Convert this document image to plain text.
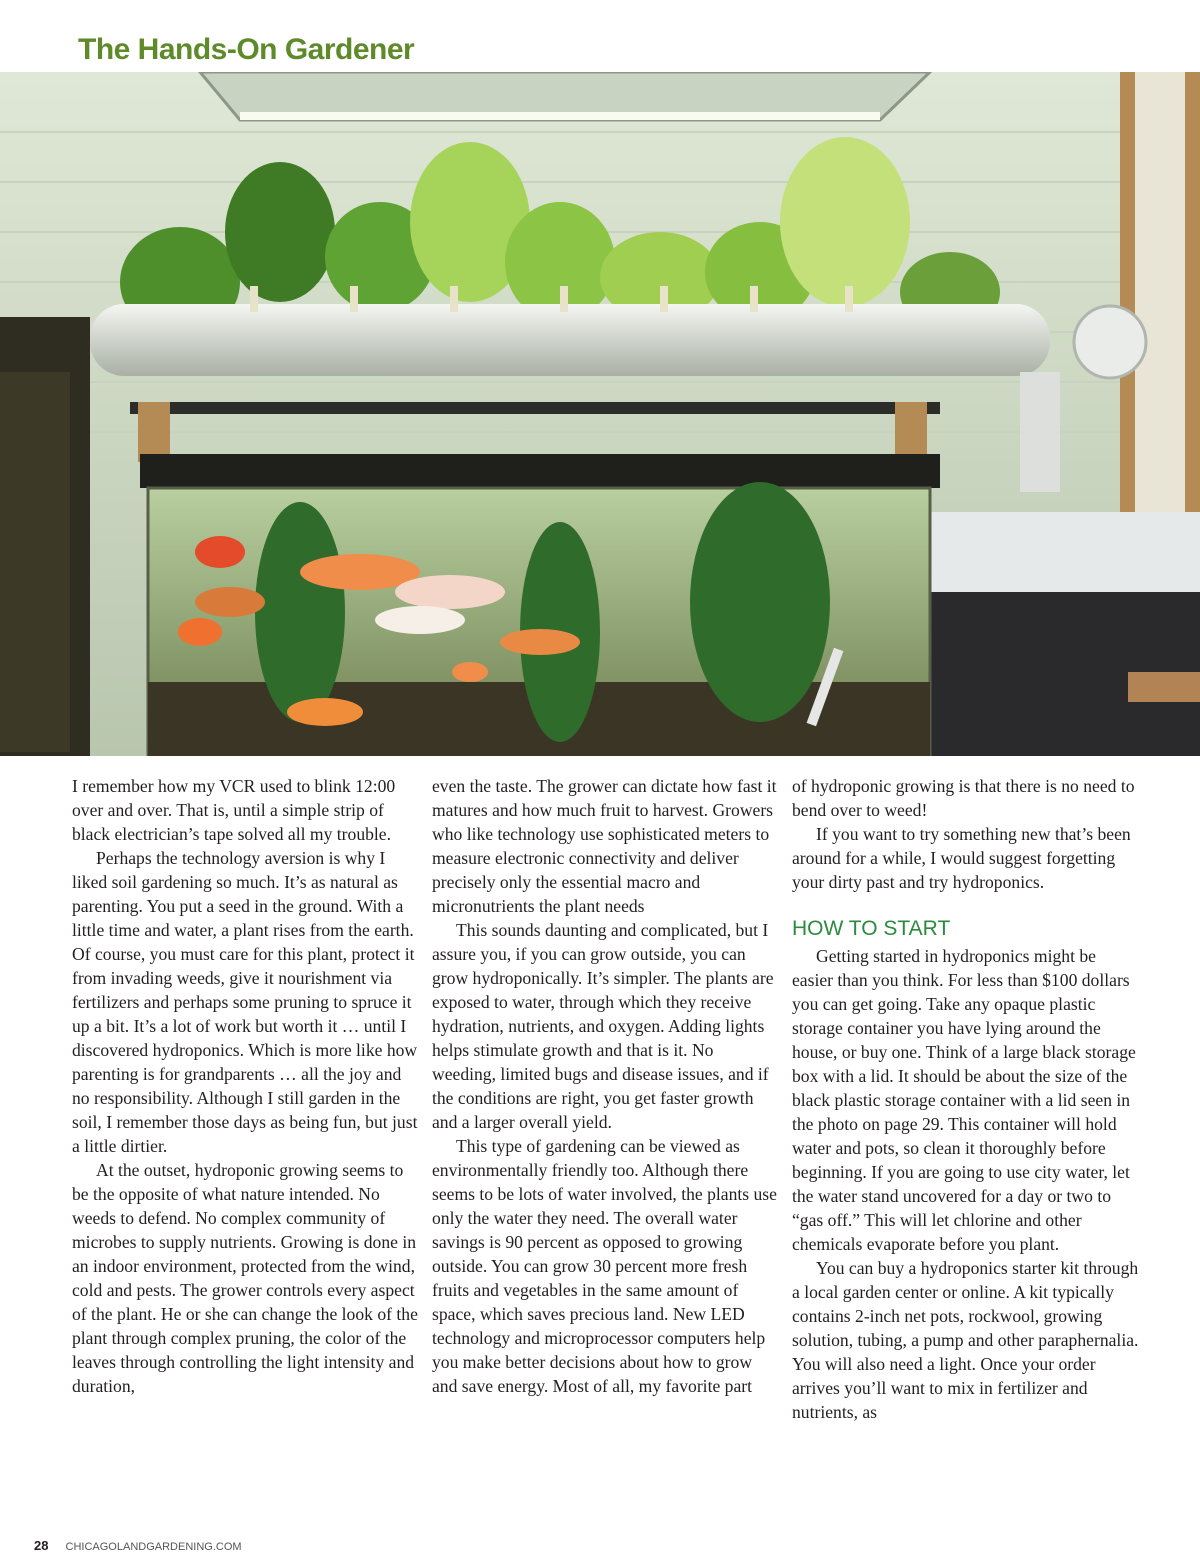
The Hands-On Gardener

I remember how my VCR used to blink 12:00 over and over. That is, until a simple strip of black electrician’s tape solved all my trouble.

Perhaps the technology aversion is why I liked soil gardening so much. It’s as natural as parenting. You put a seed in the ground. With a little time and water, a plant rises from the earth. Of course, you must care for this plant, protect it from invading weeds, give it nourishment via fertilizers and perhaps some pruning to spruce it up a bit. It’s a lot of work but worth it … until I discovered hydroponics. Which is more like how parenting is for grandparents … all the joy and no responsibility. Although I still garden in the soil, I remember those days as being fun, but just a little dirtier.

At the outset, hydroponic growing seems to be the opposite of what nature intended. No weeds to defend. No complex community of microbes to supply nutrients. Growing is done in an indoor environment, protected from the wind, cold and pests. The grower controls every aspect of the plant. He or she can change the look of the plant through complex pruning, the color of the leaves through controlling the light intensity and duration,

even the taste. The grower can dictate how fast it matures and how much fruit to harvest. Growers who like technology use sophisticated meters to measure electronic connectivity and deliver precisely only the essential macro and micronutrients the plant needs

This sounds daunting and complicated, but I assure you, if you can grow outside, you can grow hydroponically. It’s simpler. The plants are exposed to water, through which they receive hydration, nutrients, and oxygen. Adding lights helps stimulate growth and that is it. No weeding, limited bugs and disease issues, and if the conditions are right, you get faster growth and a larger overall yield.

This type of gardening can be viewed as environmentally friendly too. Although there seems to be lots of water involved, the plants use only the water they need. The overall water savings is 90 percent as opposed to growing outside. You can grow 30 percent more fresh fruits and vegetables in the same amount of space, which saves precious land. New LED technology and microprocessor computers help you make better decisions about how to grow and save energy. Most of all, my favorite part

of hydroponic growing is that there is no need to bend over to weed!

If you want to try something new that’s been around for a while, I would suggest forgetting your dirty past and try hydroponics.

HOW TO START

Getting started in hydroponics might be easier than you think. For less than $100 dollars you can get going. Take any opaque plastic storage container you have lying around the house, or buy one. Think of a large black storage box with a lid. It should be about the size of the black plastic storage container with a lid seen in the photo on page 29. This container will hold water and pots, so clean it thoroughly before beginning. If you are going to use city water, let the water stand uncovered for a day or two to “gas off.” This will let chlorine and other chemicals evaporate before you plant.

You can buy a hydroponics starter kit through a local garden center or online. A kit typically contains 2-inch net pots, rockwool, growing solution, tubing, a pump and other paraphernalia. You will also need a light. Once your order arrives you’ll want to mix in fertilizer and nutrients, as

28 CHICAGOLANDGARDENING.COM
